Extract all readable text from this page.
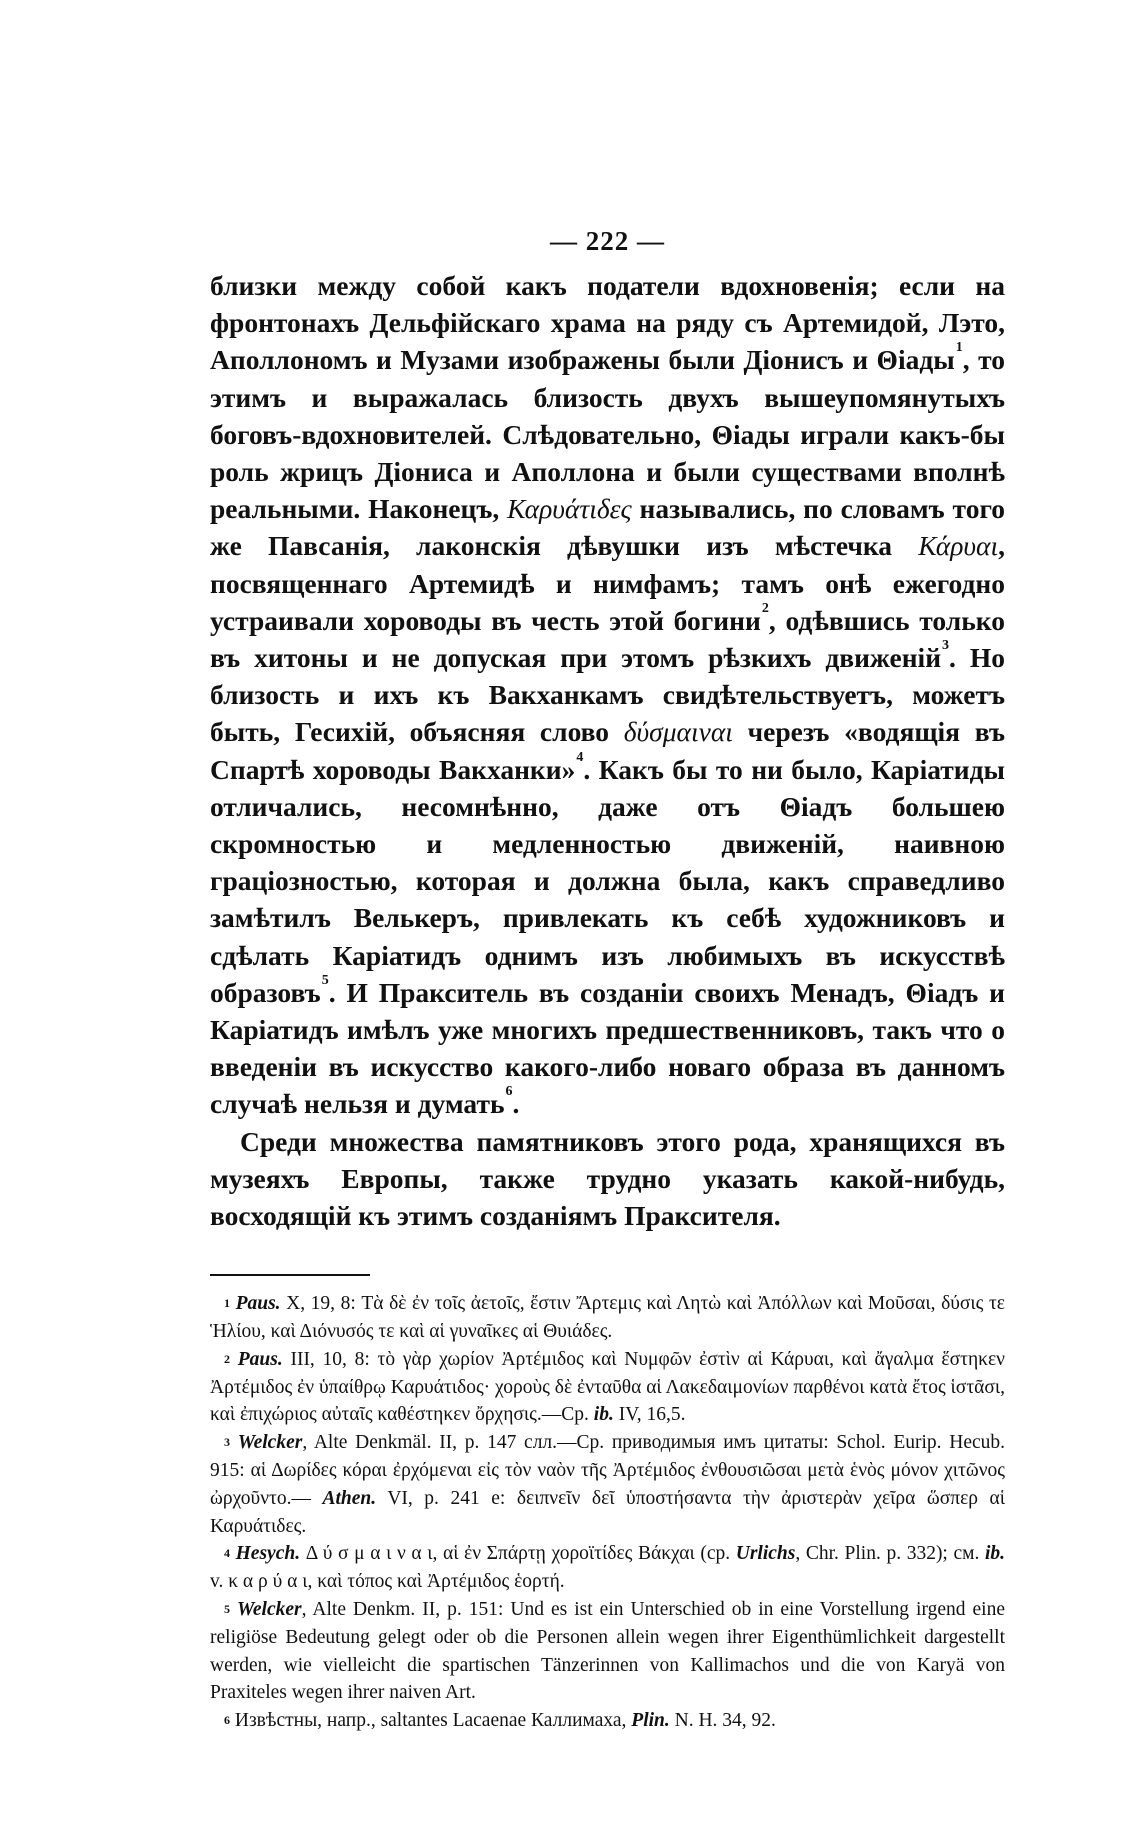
— 222 —

близки между собой какъ податели вдохновенія; если на фронтонахъ Дельфійскаго храма на ряду съ Артемидой, Лэто, Аполлономъ и Музами изображены были Діонисъ и Θіады$^1$, то этимъ и выражалась близость двухъ вышеупомянутыхъ боговъ-вдохновителей. Слѣдовательно, Θіады играли какъ-бы роль жрицъ Діониса и Аполлона и были существами вполнѣ реальными. Наконецъ, Καρυάτιδες назывались, по словамъ того же Павсанія, лаконскія дѣвушки изъ мѣстечка Κάρυαι, посвященнаго Артемидѣ и нимфамъ; тамъ онѣ ежегодно устраивали хороводы въ честь этой богини$^2$, одѣвшись только въ хитоны и не допуская при этомъ рѣзкихъ движеній$^3$. Но близость и ихъ къ Вакханкамъ свидѣтельствуетъ, можетъ быть, Гесихій, объясняя слово δύσμαιναι черезъ «водящія въ Спартѣ хороводы Вакханки»$^4$. Какъ бы то ни было, Каріатиды отличались, несомнѣнно, даже отъ Θіадъ большею скромностью и медленностью движеній, наивною граціозностью, которая и должна была, какъ справедливо замѣтилъ Велькеръ, привлекать къ себѣ художниковъ и сдѣлать Каріатидъ однимъ изъ любимыхъ въ искусствѣ образовъ$^5$. И Пракситель въ созданіи своихъ Менадъ, Θіадъ и Каріатидъ имѣлъ уже многихъ предшественниковъ, такъ что о введеніи въ искусство какого-либо новаго образа въ данномъ случаѣ нельзя и думать$^6$.

Среди множества памятниковъ этого рода, хранящихся въ музеяхъ Европы, также трудно указать какой-нибудь, восходящій къ этимъ созданіямъ Праксителя.

$^1$ Paus. X, 19, 8: Τὰ δὲ ἐν τοῖς ἀετοῖς, ἔστιν Ἄρτεμις καὶ Λητὼ καὶ Ἀπόλλων καὶ Μοῦσαι, δύσις τε Ἡλίου, καὶ Διόνυσός τε καὶ αἱ γυναῖκες αἱ Θυιάδες.

$^2$ Paus. III, 10, 8: τὸ γὰρ χωρίον Ἀρτέμιδος καὶ Νυμφῶν ἐστὶν αἱ Κάρυαι, καὶ ἄγαλμα ἕστηκεν Ἀρτέμιδος ἐν ὑπαίθρῳ Καρυάτιδος· χοροὺς δὲ ἐνταῦθα αἱ Λακεδαιμονίων παρθένοι κατὰ ἔτος ἱστᾶσι, καὶ ἐπιχώριος αὐταῖς καθέστηκεν ὄρχησις.—Ср. ib. IV, 16,5.

$^3$ Welcker, Alte Denkmäl. II, p. 147 слл.—Ср. приводимыя имъ цитаты: Schol. Eurip. Hecub. 915: αἱ Δωρίδες κόραι ἐρχόμεναι εἰς τὸν ναὸν τῆς Ἀρτέμιδος ἐνθουσιῶσαι μετὰ ἑνὸς μόνον χιτῶνος ὠρχοῦντο.— Athen. VI, p. 241 e: δειπνεῖν δεῖ ὑποστήσαντα τὴν ἀριστερὰν χεῖρα ὥσπερ αἱ Καρυάτιδες.

$^4$ Hesych. Δ ύ σ μ α ι ν α ι, αἱ ἐν Σπάρτῃ χοροϊτίδες Βάκχαι (ср. Urlichs, Chr. Plin. p. 332); см. ib. v. κ α ρ ύ α ι, καὶ τόπος καὶ Ἀρτέμιδος ἑορτή.

$^5$ Welcker, Alte Denkm. II, p. 151: Und es ist ein Unterschied ob in eine Vorstellung irgend eine religiöse Bedeutung gelegt oder ob die Personen allein wegen ihrer Eigenthümlichkeit dargestellt werden, wie vielleicht die spartischen Tänzerinnen von Kallimachos und die von Karyä von Praxiteles wegen ihrer naiven Art.

$^6$ Извѣстны, напр., saltantes Lacaenae Каллимаха, Plin. N. H. 34, 92.
